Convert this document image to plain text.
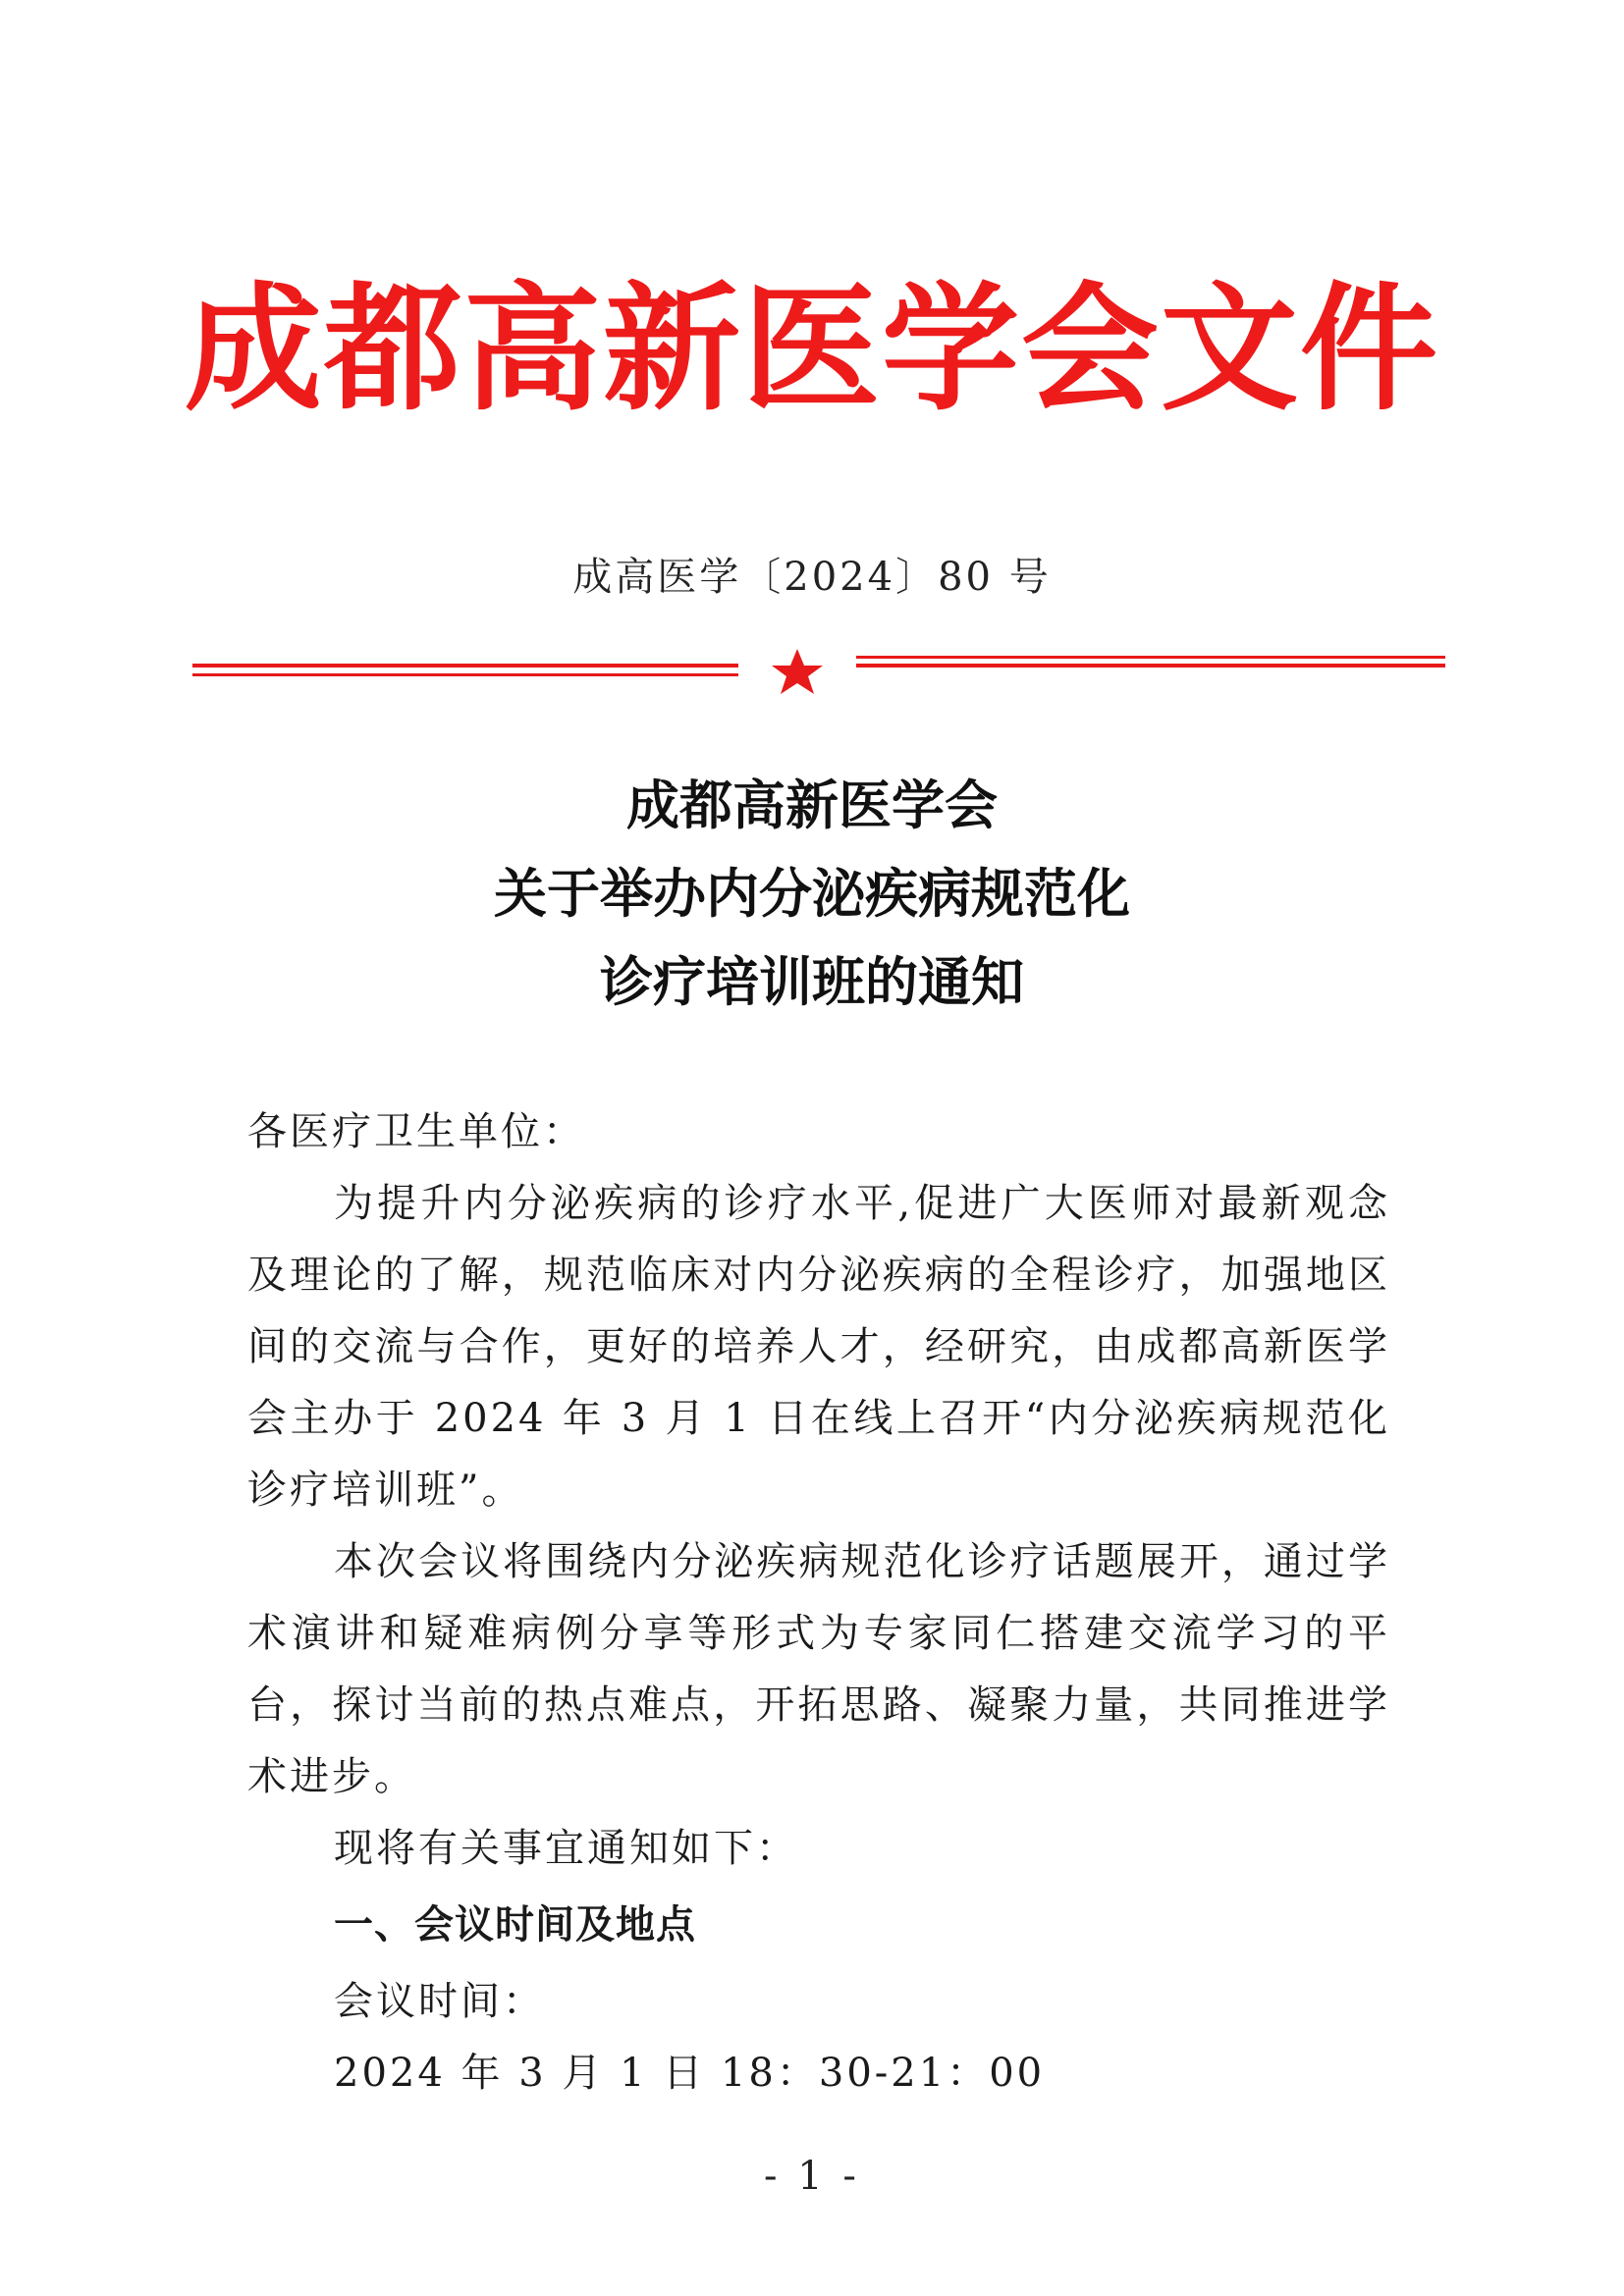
成都高新医学会文件
成高医学〔2024〕80 号
成都高新医学会
关于举办内分泌疾病规范化
诊疗培训班的通知

各医疗卫生单位：

为提升内分泌疾病的诊疗水平,促进广大医师对最新观念及理论的了解，规范临床对内分泌疾病的全程诊疗，加强地区间的交流与合作，更好的培养人才，经研究，由成都高新医学会主办于 2024 年 3 月 1 日在线上召开“内分泌疾病规范化诊疗培训班”。

本次会议将围绕内分泌疾病规范化诊疗话题展开，通过学术演讲和疑难病例分享等形式为专家同仁搭建交流学习的平台，探讨当前的热点难点，开拓思路、凝聚力量，共同推进学术进步。

现将有关事宜通知如下：

一、会议时间及地点

会议时间：

2024 年 3 月 1 日 18：30-21：00

- 1 -
